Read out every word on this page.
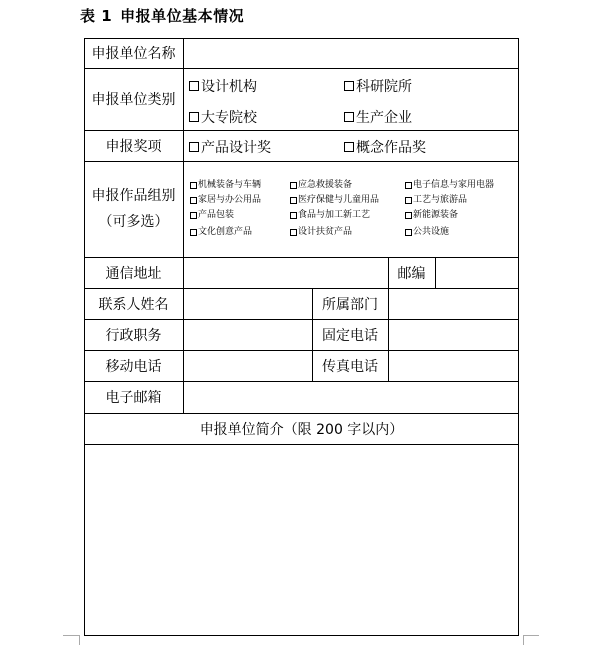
表 1 申报单位基本情况
申报单位名称
申报单位类别
设计机构	科研院所
大专院校	生产企业
申报奖项	产品设计奖	概念作品奖
申报作品组别
（可多选）
机械装备与车辆	应急救援装备	电子信息与家用电器
家居与办公用品	医疗保健与儿童用品	工艺与旅游品
产品包装	食品与加工新工艺	新能源装备
文化创意产品	设计扶贫产品	公共设施
通信地址	邮编
联系人姓名	所属部门
行政职务	固定电话
移动电话	传真电话
电子邮箱
申报单位简介（限 200 字以内）
